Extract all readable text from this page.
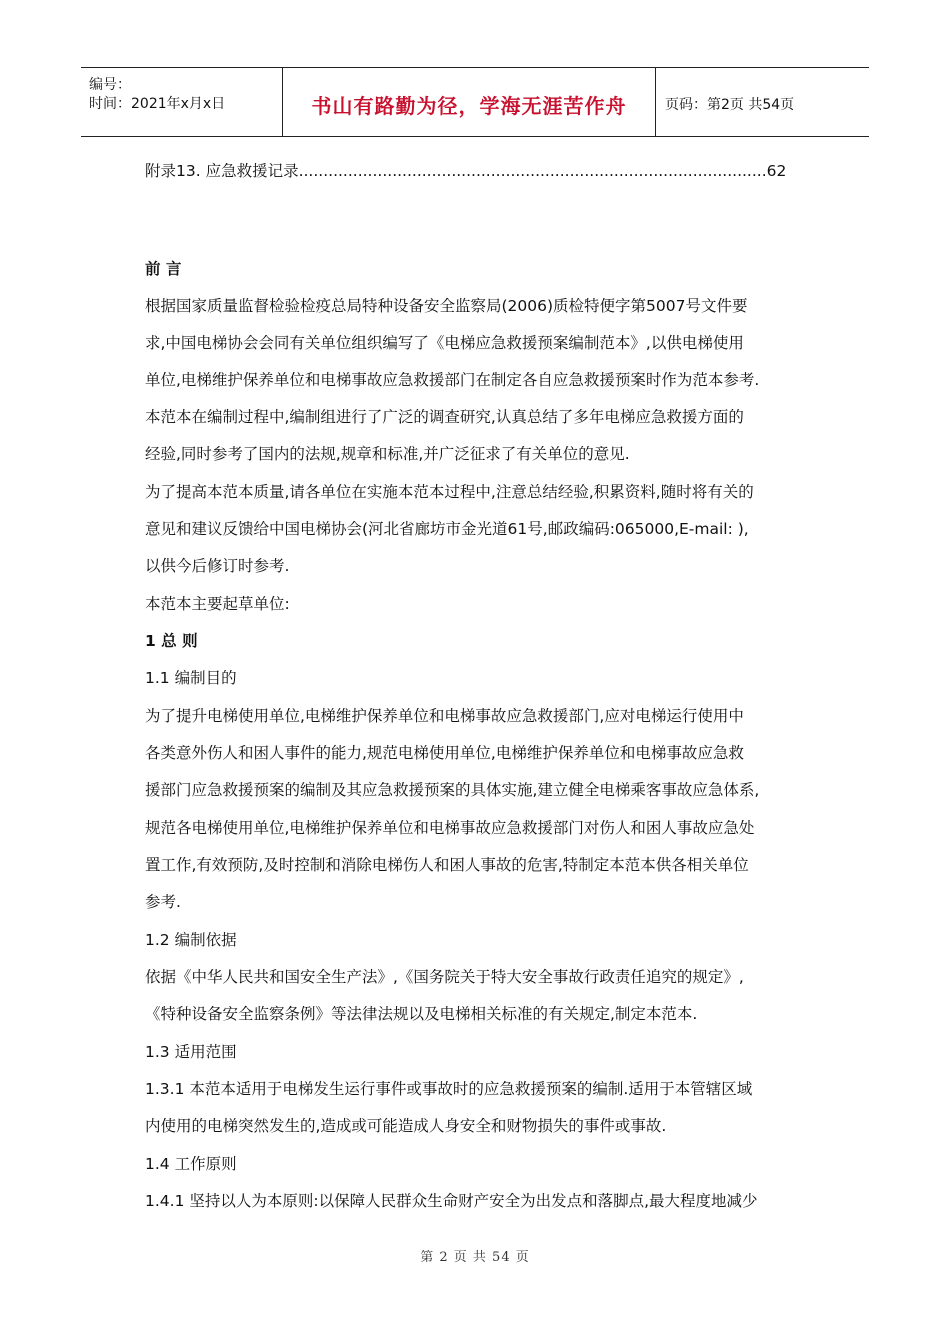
编号：
时间：2021年x月x日	书山有路勤为径，学海无涯苦作舟	页码：第2页 共54页
附录13. 应急救援记录 ............................................................................................... 62
前 言
根据国家质量监督检验检疫总局特种设备安全监察局(2006)质检特便字第5007号文件要
求,中国电梯协会会同有关单位组织编写了《电梯应急救援预案编制范本》,以供电梯使用
单位,电梯维护保养单位和电梯事故应急救援部门在制定各自应急救援预案时作为范本参考.
本范本在编制过程中,编制组进行了广泛的调查研究,认真总结了多年电梯应急救援方面的
经验,同时参考了国内的法规,规章和标准,并广泛征求了有关单位的意见.
为了提高本范本质量,请各单位在实施本范本过程中,注意总结经验,积累资料,随时将有关的
意见和建议反馈给中国电梯协会(河北省廊坊市金光道61号,邮政编码:065000,E-mail: ),
以供今后修订时参考.
本范本主要起草单位:
1 总 则
1.1 编制目的
为了提升电梯使用单位,电梯维护保养单位和电梯事故应急救援部门,应对电梯运行使用中
各类意外伤人和困人事件的能力,规范电梯使用单位,电梯维护保养单位和电梯事故应急救
援部门应急救援预案的编制及其应急救援预案的具体实施,建立健全电梯乘客事故应急体系,
规范各电梯使用单位,电梯维护保养单位和电梯事故应急救援部门对伤人和困人事故应急处
置工作,有效预防,及时控制和消除电梯伤人和困人事故的危害,特制定本范本供各相关单位
参考.
1.2 编制依据
依据《中华人民共和国安全生产法》,《国务院关于特大安全事故行政责任追究的规定》,
《特种设备安全监察条例》等法律法规以及电梯相关标准的有关规定,制定本范本.
1.3 适用范围
1.3.1 本范本适用于电梯发生运行事件或事故时的应急救援预案的编制.适用于本管辖区域
内使用的电梯突然发生的,造成或可能造成人身安全和财物损失的事件或事故.
1.4 工作原则
1.4.1 坚持以人为本原则:以保障人民群众生命财产安全为出发点和落脚点,最大程度地减少
第 2 页 共 54 页
